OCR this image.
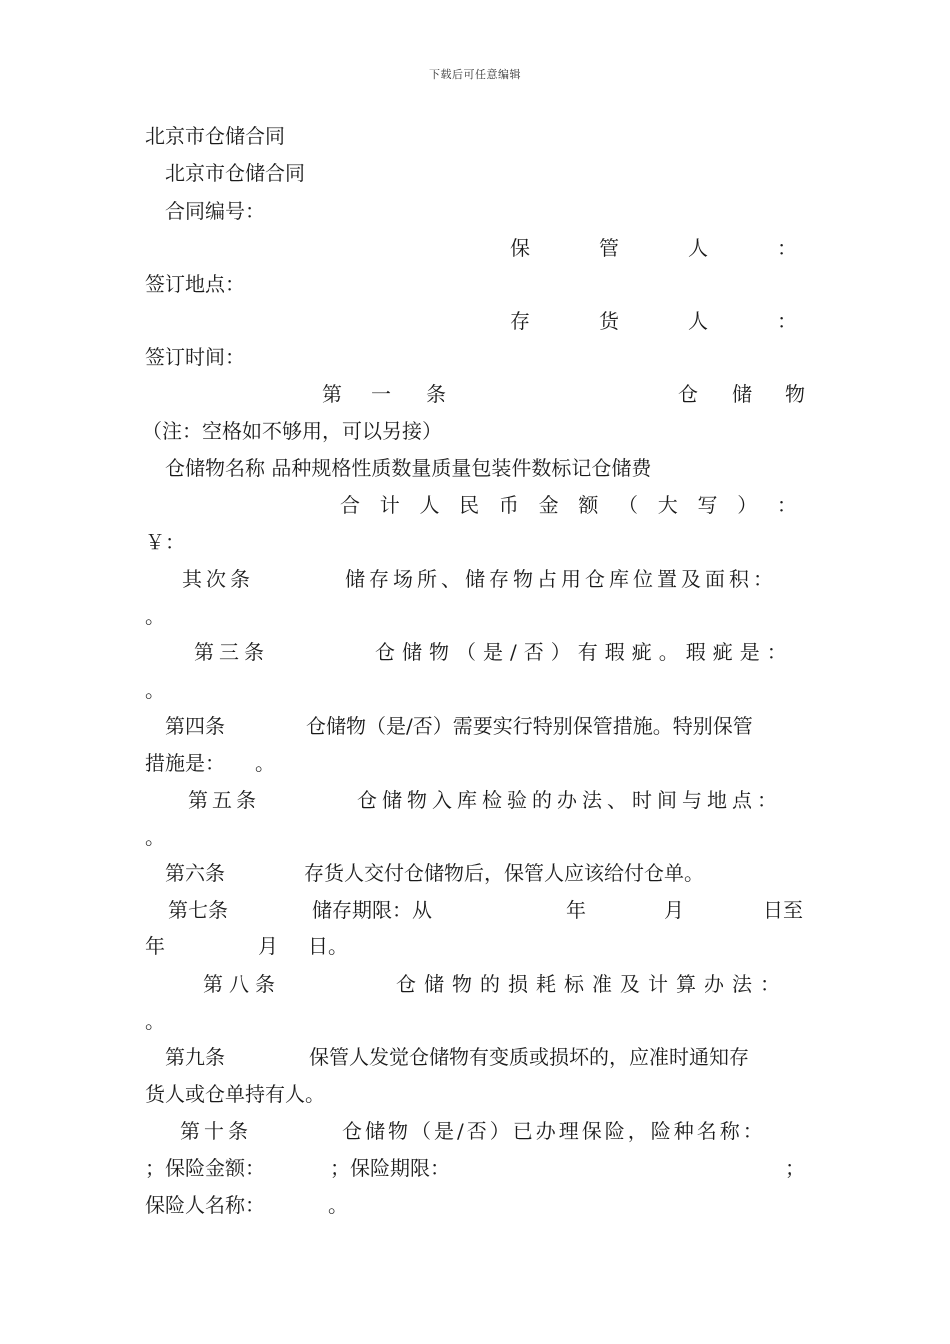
下载后可任意编辑
北京市仓储合同
北京市仓储合同
合同编号：
保	管	人	：
签订地点：
存	货	人	：
签订时间：
第 一 条	仓 储 物
（注：空格如不够用，可以另接）
仓储物名称 品种规格性质数量质量包装件数标记仓储费
合 计 人 民 币 金 额 （ 大 写 ） ：
￥：
其次条	储存场所、储存物占用仓库位置及面积：
。
第三条	仓储物（是/否）有瑕疵。瑕疵是：
。
第四条	仓储物（是/否）需要实行特别保管措施。特别保管
措施是：　　。
第五条	仓储物入库检验的办法、时间与地点：
。
第六条	存货人交付仓储物后，保管人应该给付仓单。
第七条	储存期限：从	年	月	日至
年	月 日。
第八条	仓储物的损耗标准及计算办法：
。
第九条	保管人发觉仓储物有变质或损坏的，应准时通知存
货人或仓单持有人。
第十条	仓储物（是/否）已办理保险，险种名称：
；保险金额：	；保险期限：	；
保险人名称：	。
